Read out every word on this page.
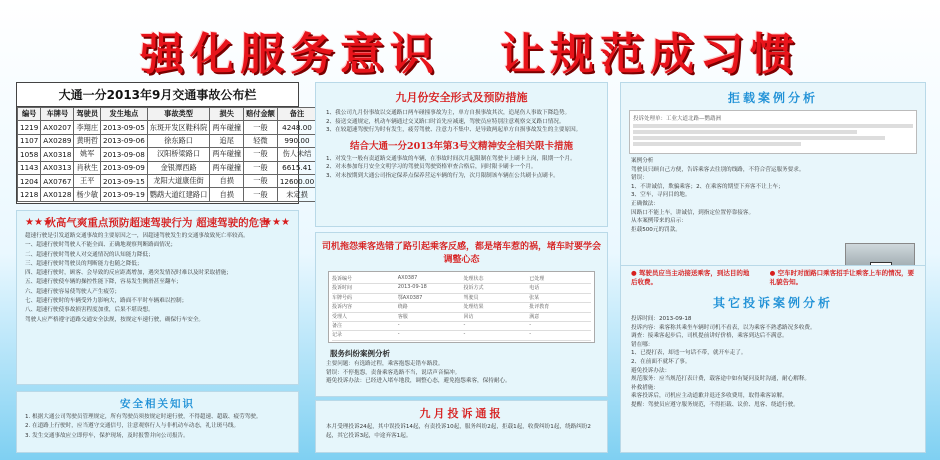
强化服务意识 让规范成习惯
大通一分2013年9月交通事故公布栏
编号	车牌号	驾驶员	发生地点	事故类型	损失	赔付金额	备注
1219	AX0207	李翔庄	2013-09-05	东斑开发区鞋科院	两车碰撞	一般	4248.00
1107	AX0289	黄明哲	2013-09-06	徐东路口	追尾	轻微	990.00
1058	AX0318	姚军	2013-09-08	汉阳桥梁路口	两车碰撞	一般	伤人未结
1143	AX0313	肖秋生	2013-09-09	金银潭西路	两车碰撞	一般	6615.41
1204	AX0767	王平	2013-09-15	龙阳大道康佳街	自损	一般	12600.00
1218	AX0128	杨少敏	2013-09-19	鹦鹉大道红建路口	自损	一般	未定损
★★★	★★★
秋高气爽重点预防超速驾驶行为 超速驾驶的危害
超速行驶是引发道路交通事故的主要原因之一，因超速驾驶发生的交通事故致死亡率较高。
一、超速行驶时驾驶人不能全面、正确地观察判断路面情况；
二、超速行驶时驾驶人对交通情况的认知能力降低；
三、超速行驶时驾驶员的判断能力也随之降低；
四、超速行驶时，顾客、会导致的反应距离增加，遇突发情况时难以及时采取措施；
五、超速行驶使车辆的操控性能下降，容易发生侧滑甚至翻车；
六、超速行驶容易使驾驶人产生疲劳；
七、超速行驶时的车辆受外力影响大，路面不平时车辆难以控制；
八、超速行驶使事故损害程度加重，后果不堪设想。
驾驶人应严格遵守道路交通安全法规，按规定车速行驶，确保行车安全。
安全相关知识
1. 根据大通公司驾驶员管理规定，所有驾驶员须按规定时速行驶，不得超速、超载、疲劳驾驶。
2. 在道路上行驶时，应当遵守交通信号，注意观察行人与非机动车动态，礼让斑马线。
3. 发生交通事故应立即停车，保护现场，及时报警并向公司报告。
九月份安全形式及预防措施
1、我公司九月份事故以交通路口两车碰撞事故为主，单方自损事故其次，追尾伤人事故下降趋势。
2、接送交通规定，机动车辆通过交叉路口时首先应减速，驾驶员应特别注意观察交叉路口情况。
3、在较超速驾驶行为时有发生，疲劳驾驶、注意力不集中、是导致两起单方自损事故发生的主要原因。
结合大通一分2013年第3号文精神安全相关限卡措施
1、对发生一般有责道路交通事故的车辆，在事故时间次月起限制在驾驶卡上刷卡上岗，限期一个月。
2、对未参加每月安全文明学习的驾驶员驾驶资格审查合格后，同时限卡刷卡一个月。
3、对未按期到大通公司指定保养点保养营运车辆的行为，次月限制该车辆在公共刷卡点刷卡。
司机拖怨乘客选错了路引起乘客反感，都是堵车惹的祸，堵车时要学会调整心态
投诉编号	AX0387	处理状态	已处理
投诉时间	2013-09-18	投诉方式	电话
车牌号码	鄂AX0387	驾驶员	张某
投诉内容	绕路	处理结果	批评教育
受理人	客服	回访	满意
备注	-	-	-
记录	-	-	-
服务纠纷案例分析
主要问题：有选路过程，乘客抱怨走错车路段。
错误：不停抱怨，责备乘客选路不当，说话声音偏冲。
避免投诉办法：已经进入堵车地段，调整心态，避免抱怨乘客，保持耐心。
九月投诉通报
本月受理投诉24起，其中误投诉14起，有责投诉10起，服务纠纷2起，拒载1起，收费纠纷1起，绕路纠纷2起，其它投诉3起，中途弃客1起。
拒载案例分析
投诉处理单：工业大道北路—鹦鹉洲
案例分析
驾驶员只顾自己方便，告诉乘客去往别的线路，不符合营运服务要求。
错误：
1、不讲诚信，欺骗乘客；2、在乘客的期望下弃客不让上车；
3、空车，寻问目的地。
正确做法：
因路口不能上车，讲诚信，到指定位置停靠接客。
从本案例带来的启示：
拒载500元的罚款。
● 驾驶员应当主动接送乘客，到达目的地后收费。
● 空车时对面路口乘客招手让乘客上车的情况，要礼貌告知。
其它投诉案例分析
投诉时间：2013-09-18
投诉内容：乘客称其乘坐车辆时司机不看表，以为乘客不熟悉路况多收费。
调查：接乘客起步后，司机提前讲好价格，乘客到达后不满意。
错在哪：
1、已提打表，却违一句话不带，就开车走了。
2、在前面不就坏了事。
避免投诉办法：
规范服务：应当规范打表计费，载客途中如有疑问及时沟通，耐心解释。
补救措施：
乘客投诉后，司机应主动道歉并退还多收费用，取得乘客谅解。
提醒：驾驶员应遵守服务规范，不得拒载、议价、甩客、绕道行驶。
